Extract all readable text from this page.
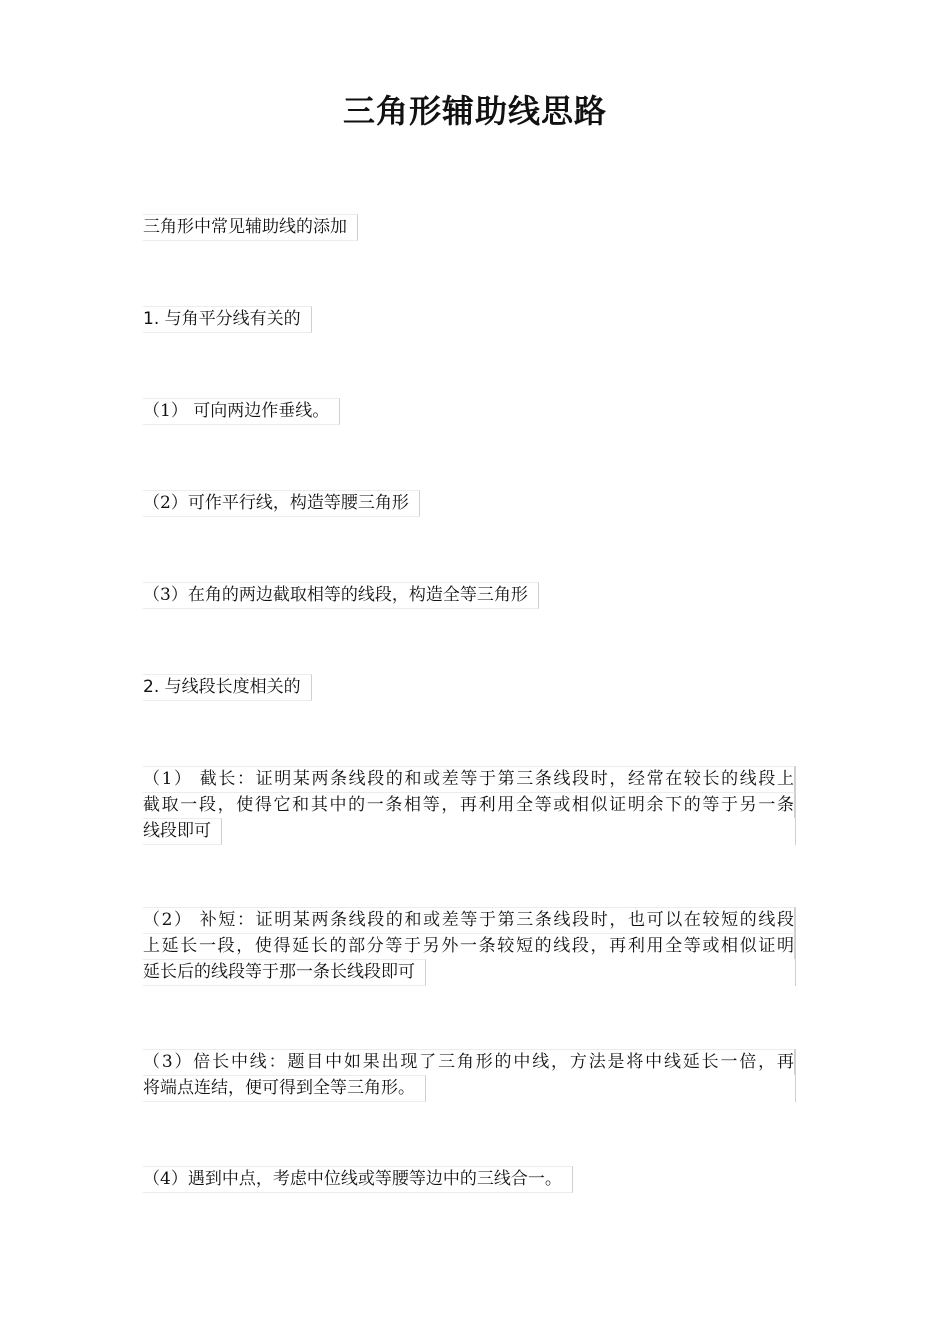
三角形辅助线思路
三角形中常见辅助线的添加
1. 与角平分线有关的
（1） 可向两边作垂线。
（2）可作平行线，构造等腰三角形
（3）在角的两边截取相等的线段，构造全等三角形
2. 与线段长度相关的
（1） 截长：证明某两条线段的和或差等于第三条线段时，经常在较长的线段上
截取一段，使得它和其中的一条相等，再利用全等或相似证明余下的等于另一条
线段即可
（2） 补短：证明某两条线段的和或差等于第三条线段时，也可以在较短的线段
上延长一段，使得延长的部分等于另外一条较短的线段，再利用全等或相似证明
延长后的线段等于那一条长线段即可
（3）倍长中线：题目中如果出现了三角形的中线，方法是将中线延长一倍，再
将端点连结，便可得到全等三角形。
（4）遇到中点，考虑中位线或等腰等边中的三线合一。
